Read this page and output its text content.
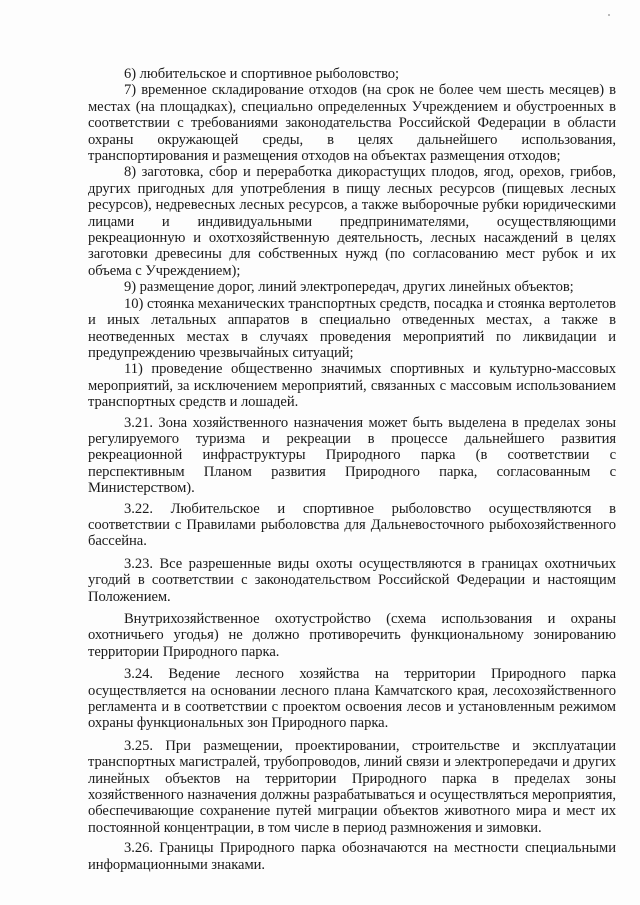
6) любительское и спортивное рыболовство;

7) временное складирование отходов (на срок не более чем шесть месяцев) в местах (на площадках), специально определенных Учреждением и обустроенных в соответствии с требованиями законодательства Российской Федерации в области охраны окружающей среды, в целях дальнейшего использования, транспортирования и размещения отходов на объектах размещения отходов;

8) заготовка, сбор и переработка дикорастущих плодов, ягод, орехов, грибов, других пригодных для употребления в пищу лесных ресурсов (пищевых лесных ресурсов), недревесных лесных ресурсов, а также выборочные рубки юридическими лицами и индивидуальными предпринимателями, осуществляющими рекреационную и охотхозяйственную деятельность, лесных насаждений в целях заготовки древесины для собственных нужд (по согласованию мест рубок и их объема с Учреждением);

9) размещение дорог, линий электропередач, других линейных объектов;

10) стоянка механических транспортных средств, посадка и стоянка вертолетов и иных летальных аппаратов в специально отведенных местах, а также в неотведенных местах в случаях проведения мероприятий по ликвидации и предупреждению чрезвычайных ситуаций;

11) проведение общественно значимых спортивных и культурно-массовых мероприятий, за исключением мероприятий, связанных с массовым использованием транспортных средств и лошадей.

3.21. Зона хозяйственного назначения может быть выделена в пределах зоны регулируемого туризма и рекреации в процессе дальнейшего развития рекреационной инфраструктуры Природного парка (в соответствии с перспективным Планом развития Природного парка, согласованным с Министерством).

3.22. Любительское и спортивное рыболовство осуществляются в соответствии с Правилами рыболовства для Дальневосточного рыбохозяйственного бассейна.

3.23. Все разрешенные виды охоты осуществляются в границах охотничьих угодий в соответствии с законодательством Российской Федерации и настоящим Положением.

Внутрихозяйственное охотустройство (схема использования и охраны охотничьего угодья) не должно противоречить функциональному зонированию территории Природного парка.

3.24. Ведение лесного хозяйства на территории Природного парка осуществляется на основании лесного плана Камчатского края, лесохозяйственного регламента и в соответствии с проектом освоения лесов и установленным режимом охраны функциональных зон Природного парка.

3.25. При размещении, проектировании, строительстве и эксплуатации транспортных магистралей, трубопроводов, линий связи и электропередачи и других линейных объектов на территории Природного парка в пределах зоны хозяйственного назначения должны разрабатываться и осуществляться мероприятия, обеспечивающие сохранение путей миграции объектов животного мира и мест их постоянной концентрации, в том числе в период размножения и зимовки.

3.26. Границы Природного парка обозначаются на местности специальными информационными знаками.
